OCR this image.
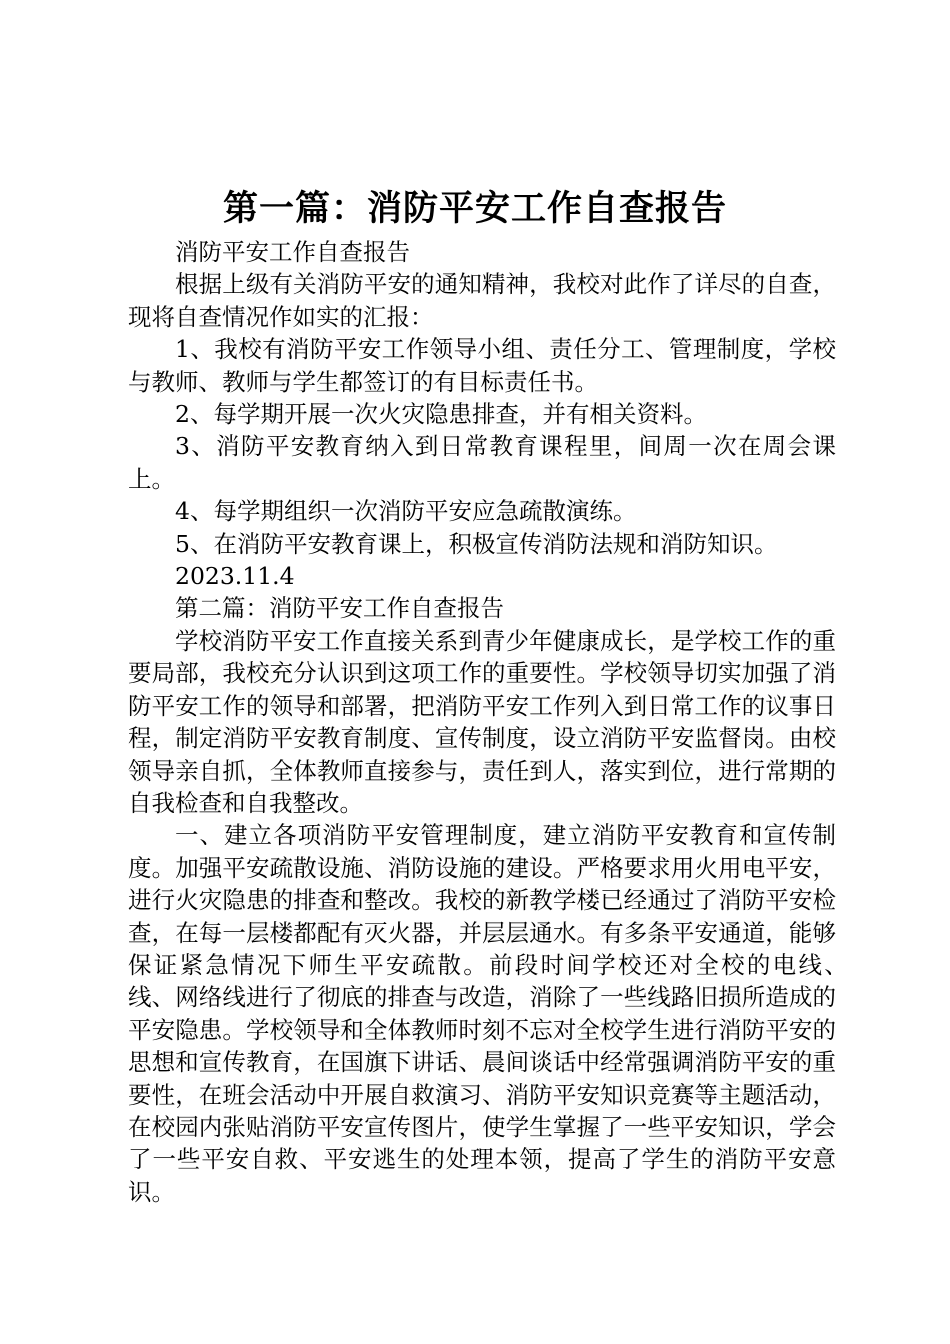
第一篇：消防平安工作自查报告

消防平安工作自查报告

根据上级有关消防平安的通知精神，我校对此作了详尽的自查，现将自查情况作如实的汇报：

1、我校有消防平安工作领导小组、责任分工、管理制度，学校与教师、教师与学生都签订的有目标责任书。

2、每学期开展一次火灾隐患排查，并有相关资料。

3、消防平安教育纳入到日常教育课程里，间周一次在周会课上。

4、每学期组织一次消防平安应急疏散演练。

5、在消防平安教育课上，积极宣传消防法规和消防知识。

2023.11.4

第二篇：消防平安工作自查报告

学校消防平安工作直接关系到青少年健康成长，是学校工作的重要局部，我校充分认识到这项工作的重要性。学校领导切实加强了消防平安工作的领导和部署，把消防平安工作列入到日常工作的议事日程，制定消防平安教育制度、宣传制度，设立消防平安监督岗。由校领导亲自抓，全体教师直接参与，责任到人，落实到位，进行常期的自我检查和自我整改。

一、建立各项消防平安管理制度，建立消防平安教育和宣传制度。加强平安疏散设施、消防设施的建设。严格要求用火用电平安，进行火灾隐患的排查和整改。我校的新教学楼已经通过了消防平安检查，在每一层楼都配有灭火器，并层层通水。有多条平安通道，能够保证紧急情况下师生平安疏散。前段时间学校还对全校的电线、　　线、网络线进行了彻底的排查与改造，消除了一些线路旧损所造成的平安隐患。学校领导和全体教师时刻不忘对全校学生进行消防平安的思想和宣传教育，在国旗下讲话、晨间谈话中经常强调消防平安的重要性，在班会活动中开展自救演习、消防平安知识竞赛等主题活动，在校园内张贴消防平安宣传图片，使学生掌握了一些平安知识，学会了一些平安自救、平安逃生的处理本领，提高了学生的消防平安意识。
